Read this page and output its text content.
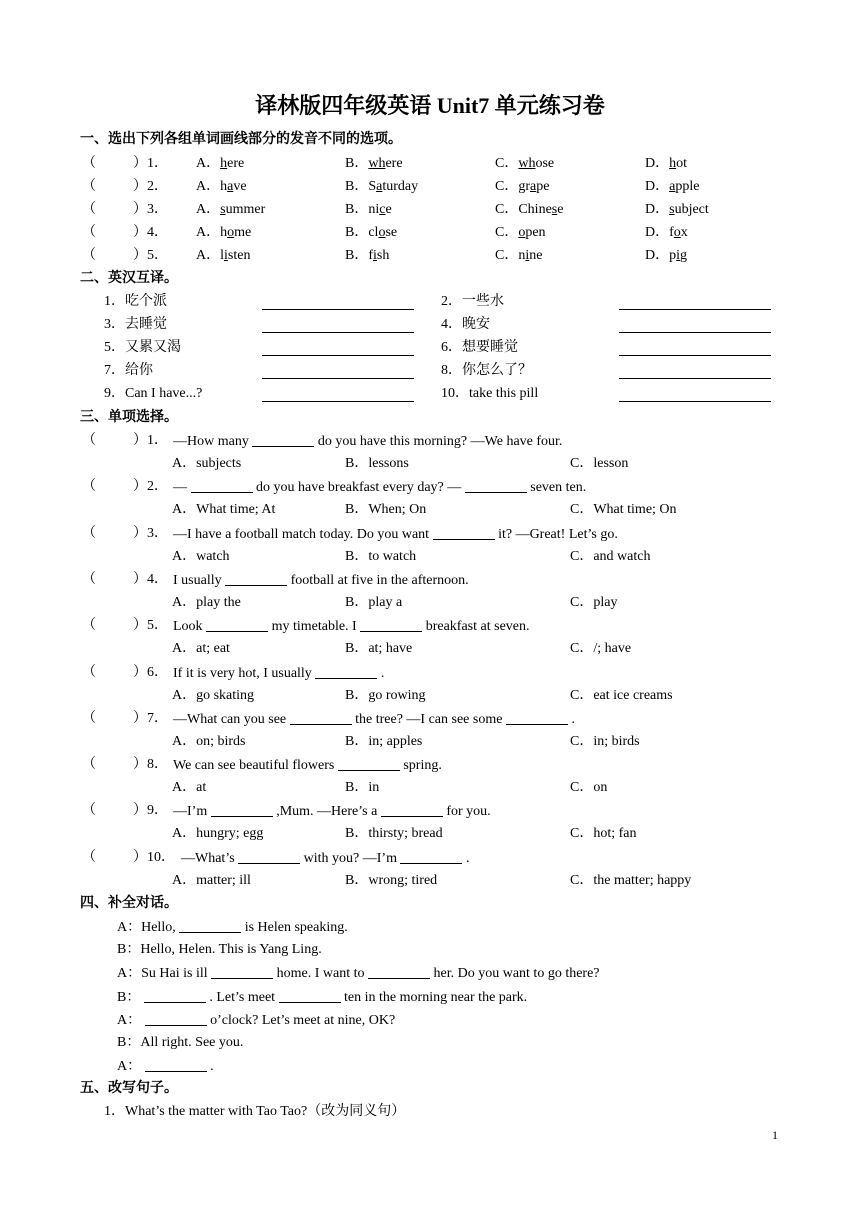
译林版四年级英语 Unit7 单元练习卷
一、选出下列各组单词画线部分的发音不同的选项。
（	）1． A．here	B．where	C．whose	D．hot
（	）2． A．have	B．Saturday	C．grape	D．apple
（	）3． A．summer	B．nice	C．Chinese	D．subject
（	）4． A．home	B．close	C．open	D．fox
（	）5． A．listen	B．fish	C．nine	D．pig
二、英汉互译。
1．吃个派	2．一些水
3．去睡觉	4．晚安
5．又累又渴	6．想要睡觉
7．给你	8．你怎么了？
9．Can I have...?	10．take this pill
三、单项选择。
（	）1． —How many	do you have this morning? —We have four.
A．subjects	B．lessons	C．lesson
（	）2． —	do you have breakfast every day? —	seven ten.
A．What time; At	B．When; On	C．What time; On
（	）3． —I have a football match today. Do you want	it? —Great! Let’s go.
A．watch	B．to watch	C．and watch
（	）4． I usually	football at five in the afternoon.
A．play the	B．play a	C．play
（	）5． Look	my timetable. I	breakfast at seven.
A．at; eat	B．at; have	C．/; have
（	）6． If it is very hot, I usually	.
A．go skating	B．go rowing	C．eat ice creams
（	）7． —What can you see	the tree? —I can see some	.
A．on; birds	B．in; apples	C．in; birds
（	）8． We can see beautiful flowers	spring.
A．at	B．in	C．on
（	）9． —I’m	,Mum. —Here’s a	for you.
A．hungry; egg	B．thirsty; bread	C．hot; fan
（	）10． —What’s	with you? —I’m	.
A．matter; ill	B．wrong; tired	C．the matter; happy
四、补全对话。
A：Hello,	is Helen speaking.
B：Hello, Helen. This is Yang Ling.
A：Su Hai is ill	home. I want to	her. Do you want to go there?
B：	. Let’s meet	ten in the morning near the park.
A：	o’clock? Let’s meet at nine, OK?
B：All right. See you.
A：	.
五、改写句子。
1．What’s the matter with Tao Tao?（改为同义句）
1
